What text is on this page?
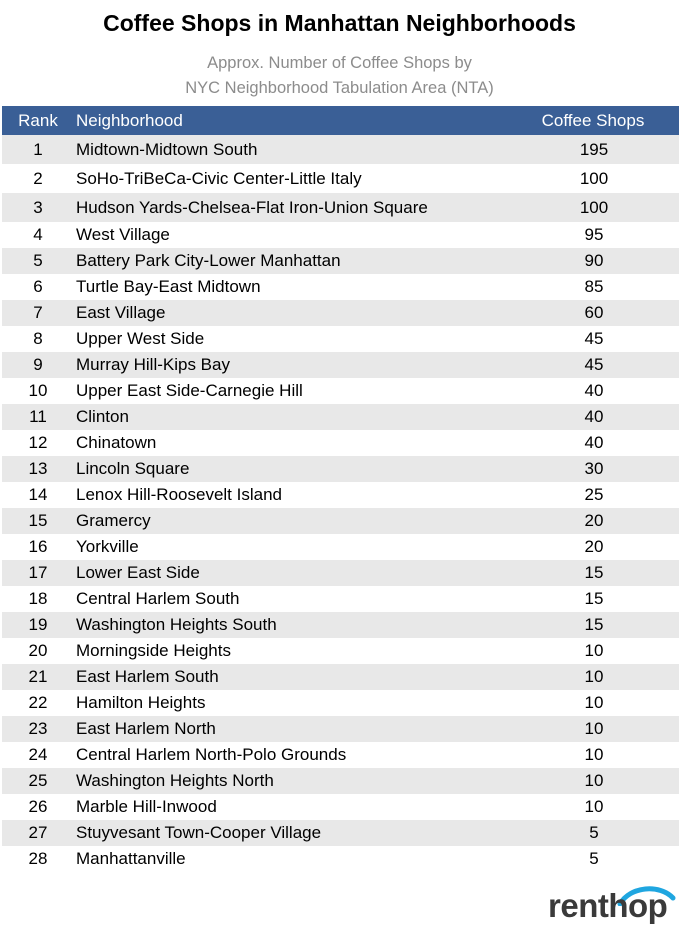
Coffee Shops in Manhattan Neighborhoods
Approx. Number of Coffee Shops by
NYC Neighborhood Tabulation Area (NTA)
Rank	Neighborhood	Coffee Shops
1	Midtown-Midtown South	195
2	SoHo-TriBeCa-Civic Center-Little Italy	100
3	Hudson Yards-Chelsea-Flat Iron-Union Square	100
4	West Village	95
5	Battery Park City-Lower Manhattan	90
6	Turtle Bay-East Midtown	85
7	East Village	60
8	Upper West Side	45
9	Murray Hill-Kips Bay	45
10	Upper East Side-Carnegie Hill	40
11	Clinton	40
12	Chinatown	40
13	Lincoln Square	30
14	Lenox Hill-Roosevelt Island	25
15	Gramercy	20
16	Yorkville	20
17	Lower East Side	15
18	Central Harlem South	15
19	Washington Heights South	15
20	Morningside Heights	10
21	East Harlem South	10
22	Hamilton Heights	10
23	East Harlem North	10
24	Central Harlem North-Polo Grounds	10
25	Washington Heights North	10
26	Marble Hill-Inwood	10
27	Stuyvesant Town-Cooper Village	5
28	Manhattanville	5
renthop
